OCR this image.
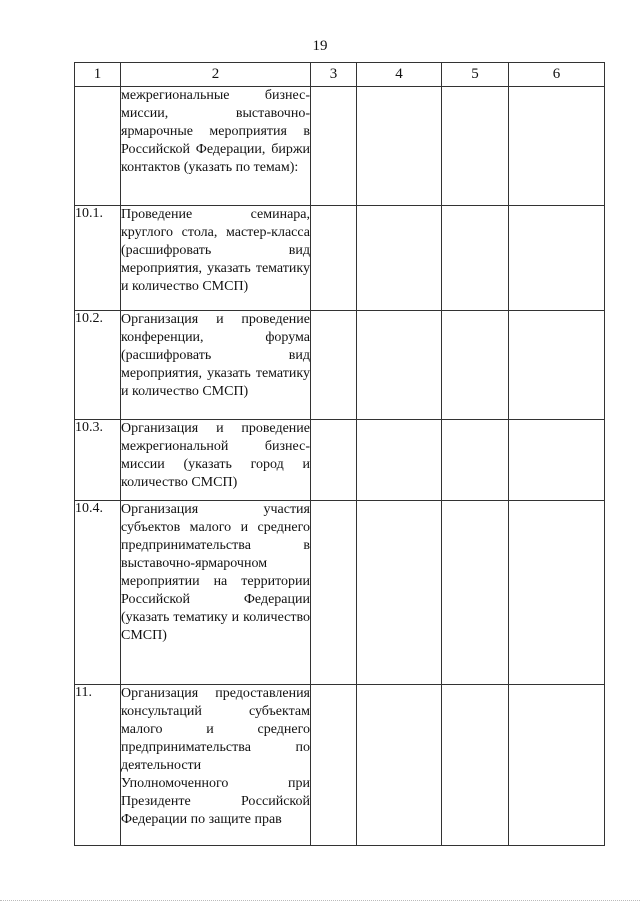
19
1	2	3	4	5	6
	межрегиональные бизнес-миссии, выставочно-ярмарочные мероприятия в Российской Федерации, биржи контактов (указать по темам):				
10.1.	Проведение семинара, круглого стола, мастер-класса (расшифровать вид мероприятия, указать тематику и количество СМСП)				
10.2.	Организация и проведение конференции, форума (расшифровать вид мероприятия, указать тематику и количество СМСП)				
10.3.	Организация и проведение межрегиональной бизнес-миссии (указать город и количество СМСП)				
10.4.	Организация участия субъектов малого и среднего предпринимательства в выставочно-ярмарочном мероприятии на территории Российской Федерации (указать тематику и количество СМСП)				
11.	Организация предоставления консультаций субъектам малого и среднего предпринимательства по деятельности Уполномоченного при Президенте Российской Федерации по защите прав				
